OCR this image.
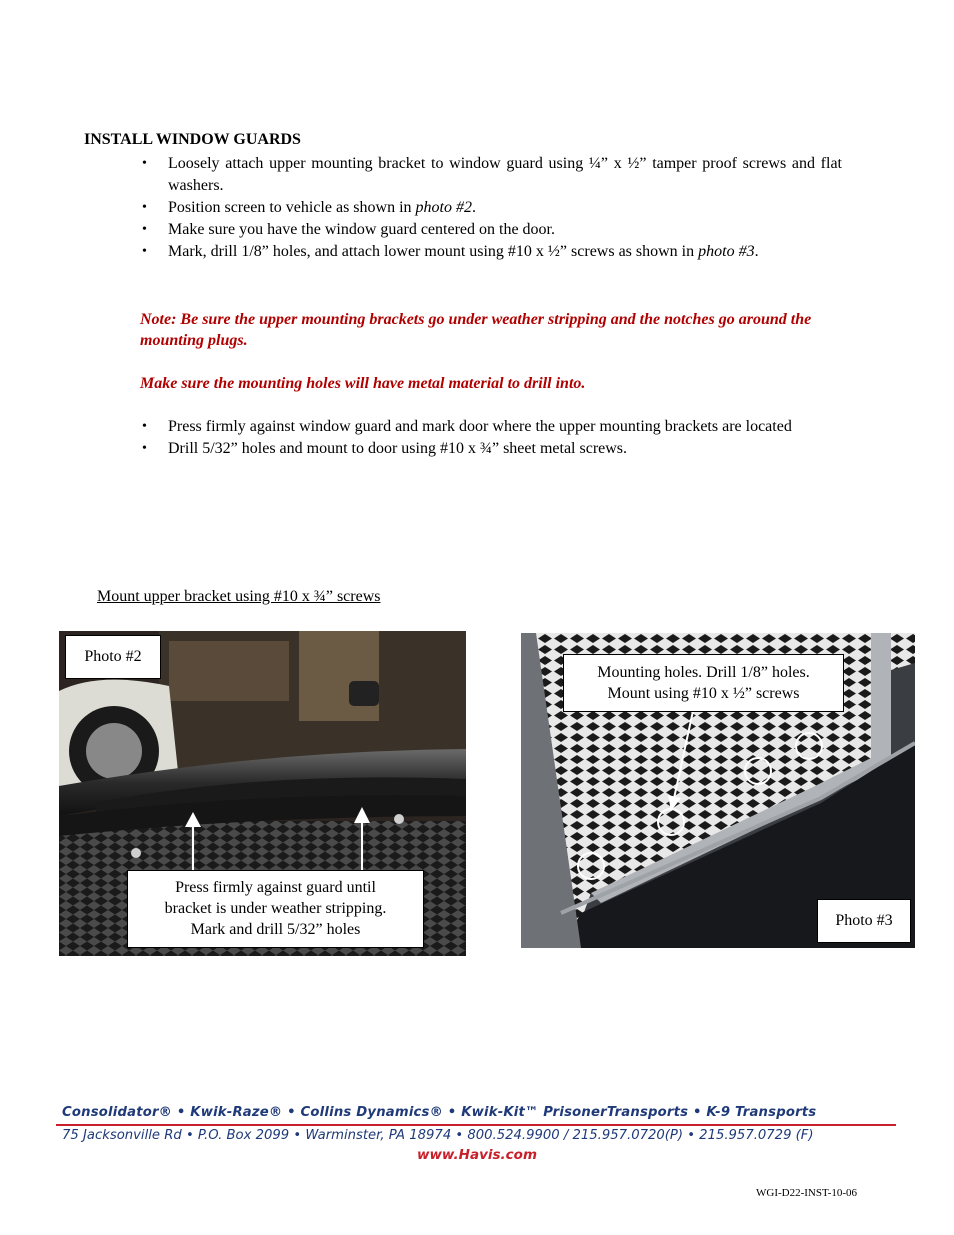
INSTALL WINDOW GUARDS
• Loosely attach upper mounting bracket to window guard using ¼” x ½” tamper proof screws and flat washers.
• Position screen to vehicle as shown in photo #2.
• Make sure you have the window guard centered on the door.
• Mark, drill 1/8” holes, and attach lower mount using #10 x ½” screws as shown in photo #3.
Note: Be sure the upper mounting brackets go under weather stripping and the notches go around the mounting plugs.
Make sure the mounting holes will have metal material to drill into.
• Press firmly against window guard and mark door where the upper mounting brackets are located
• Drill 5/32” holes and mount to door using #10 x ¾” sheet metal screws.
Mount upper bracket using #10 x ¾” screws
Photo #2
Press firmly against guard until
bracket is under weather stripping.
Mark and drill 5/32” holes
Mounting holes. Drill 1/8” holes.
Mount using #10 x ½” screws
Photo #3
Consolidator® • Kwik-Raze® • Collins Dynamics® • Kwik-Kit™ PrisonerTransports • K-9 Transports
75 Jacksonville Rd • P.O. Box 2099 • Warminster, PA 18974 • 800.524.9900 / 215.957.0720(P) • 215.957.0729 (F)
www.Havis.com
WGI-D22-INST-10-06
